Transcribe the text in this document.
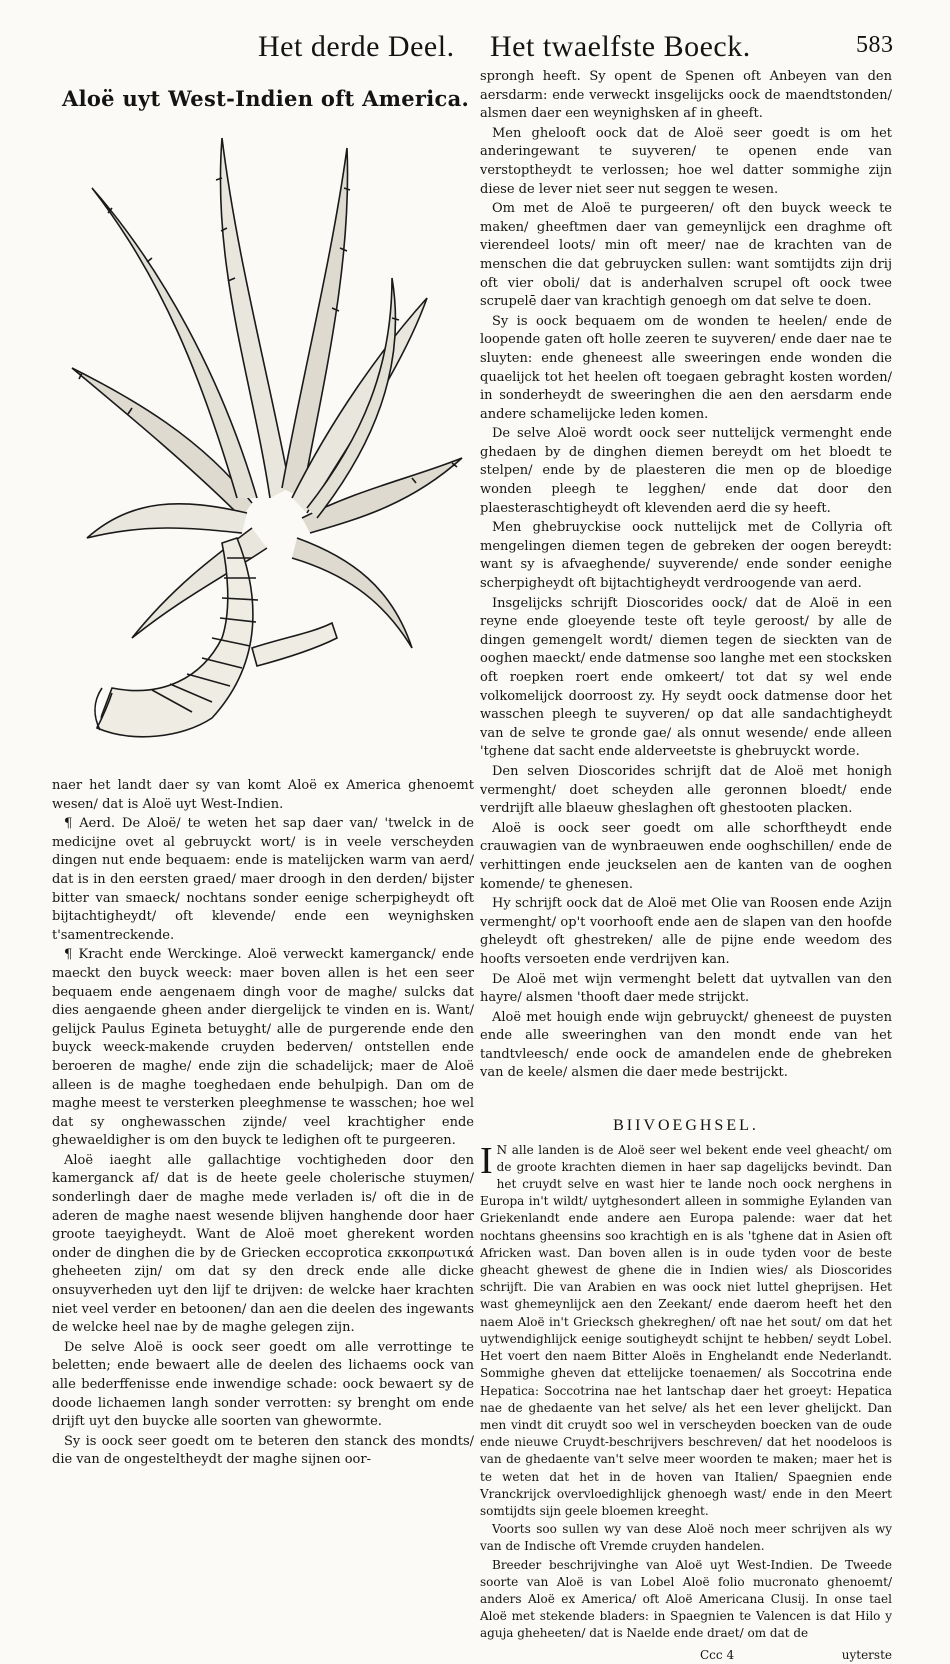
Het derde Deel. Het twaelfste Boeck.	583
Aloë uyt West-Indien oft America.

sprongh heeft. Sy opent de Spenen oft Anbeyen van den aersdarm: ende verweckt insgelijcks oock de maendtstonden/ alsmen daer een weynighsken af in gheeft.

Men ghelooft oock dat de Aloë seer goedt is om het anderingewant te suyveren/ te openen ende van verstoptheydt te verlossen; hoe wel datter sommighe zijn diese de lever niet seer nut seggen te wesen.

Om met de Aloë te purgeeren/ oft den buyck weeck te maken/ gheeftmen daer van gemeynlijck een draghme oft vierendeel loots/ min oft meer/ nae de krachten van de menschen die dat gebruycken sullen: want somtijdts zijn drij oft vier oboli/ dat is anderhalven scrupel oft oock twee scrupelē daer van krachtigh genoegh om dat selve te doen.

Sy is oock bequaem om de wonden te heelen/ ende de loopende gaten oft holle zeeren te suyveren/ ende daer nae te sluyten: ende gheneest alle sweeringen ende wonden die quaelijck tot het heelen oft toegaen gebraght kosten worden/ in sonderheydt de sweeringhen die aen den aersdarm ende andere schamelijcke leden komen.

De selve Aloë wordt oock seer nuttelijck vermenght ende ghedaen by de dinghen diemen bereydt om het bloedt te stelpen/ ende by de plaesteren die men op de bloedige wonden pleegh te legghen/ ende dat door den plaesteraschtigheydt oft klevenden aerd die sy heeft.

Men ghebruyckise oock nuttelijck met de Collyria oft mengelingen diemen tegen de gebreken der oogen bereydt: want sy is afvaeghende/ suyverende/ ende sonder eenighe scherpigheydt oft bijtachtigheydt verdroogende van aerd.

Insgelijcks schrijft Dioscorides oock/ dat de Aloë in een reyne ende gloeyende teste oft teyle geroost/ by alle de dingen gemengelt wordt/ diemen tegen de sieckten van de ooghen maeckt/ ende datmense soo langhe met een stocksken oft roepken roert ende omkeert/ tot dat sy wel ende volkomelijck doorroost zy. Hy seydt oock datmense door het wasschen pleegh te suyveren/ op dat alle sandachtigheydt van de selve te gronde gae/ als onnut wesende/ ende alleen 'tghene dat sacht ende alderveetste is ghebruyckt worde.

Den selven Dioscorides schrijft dat de Aloë met honigh vermenght/ doet scheyden alle geronnen bloedt/ ende verdrijft alle blaeuw gheslaghen oft ghestooten placken.

Aloë is oock seer goedt om alle schorftheydt ende crauwagien van de wynbraeuwen ende ooghschillen/ ende de verhittingen ende jeuckselen aen de kanten van de ooghen komende/ te ghenesen.

Hy schrijft oock dat de Aloë met Olie van Roosen ende Azijn vermenght/ op't voorhooft ende aen de slapen van den hoofde gheleydt oft ghestreken/ alle de pijne ende weedom des hoofts versoeten ende verdrijven kan.

De Aloë met wijn vermenght belett dat uytvallen van den hayre/ alsmen 'thooft daer mede strijckt.

Aloë met houigh ende wijn gebruyckt/ gheneest de puysten ende alle sweeringhen van den mondt ende van het tandtvleesch/ ende oock de amandelen ende de ghebreken van de keele/ alsmen die daer mede bestrijckt.

BIIVOEGHSEL.
I N alle landen is de Aloë seer wel bekent ende veel gheacht/ om de groote krachten diemen in haer sap dagelijcks bevindt. Dan het cruydt selve en wast hier te lande noch oock nerghens in Europa in't wildt/ uytghesondert alleen in sommighe Eylanden van Griekenlandt ende andere aen Europa palende: waer dat het nochtans gheensins soo krachtigh en is als 'tghene dat in Asien oft Africken wast. Dan boven allen is in oude tyden voor de beste gheacht ghewest de ghene die in Indien wies/ als Dioscorides schrijft. Die van Arabien en was oock niet luttel gheprijsen. Het wast ghemeynlijck aen den Zeekant/ ende daerom heeft het den naem Aloë in't Griecksch ghekreghen/ oft nae het sout/ om dat het uytwendighlijck eenige soutigheydt schijnt te hebben/ seydt Lobel. Het voert den naem Bitter Aloës in Enghelandt ende Nederlandt. Sommighe gheven dat ettelijcke toenaemen/ als Soccotrina ende Hepatica: Soccotrina nae het lantschap daer het groeyt: Hepatica nae de ghedaente van het selve/ als het een lever ghelijckt. Dan men vindt dit cruydt soo wel in verscheyden boecken van de oude ende nieuwe Cruydt-beschrijvers beschreven/ dat het noodeloos is van de ghedaente van't selve meer woorden te maken; maer het is te weten dat het in de hoven van Italien/ Spaegnien ende Vranckrijck overvloedighlijck ghenoegh wast/ ende in den Meert somtijdts sijn geele bloemen kreeght.

Voorts soo sullen wy van dese Aloë noch meer schrijven als wy van de Indische oft Vremde cruyden handelen.

Breeder beschrijvinghe van Aloë uyt West-Indien. De Tweede soorte van Aloë is van Lobel Aloë folio mucronato ghenoemt/ anders Aloë ex America/ oft Aloë Americana Clusij. In onse tael Aloë met stekende bladers: in Spaegnien te Valencen is dat Hilo y aguja gheheeten/ dat is Naelde ende draet/ om dat de

Ccc 4	uyterste

naer het landt daer sy van komt Aloë ex America ghenoemt wesen/ dat is Aloë uyt West-Indien.

¶ Aerd. De Aloë/ te weten het sap daer van/ 'twelck in de medicijne ovet al gebruyckt wort/ is in veele verscheyden dingen nut ende bequaem: ende is matelijcken warm van aerd/ dat is in den eersten graed/ maer droogh in den derden/ bijster bitter van smaeck/ nochtans sonder eenige scherpigheydt oft bijtachtigheydt/ oft klevende/ ende een weynighsken t'samentreckende.

¶ Kracht ende Werckinge. Aloë verweckt kamerganck/ ende maeckt den buyck weeck: maer boven allen is het een seer bequaem ende aengenaem dingh voor de maghe/ sulcks dat dies aengaende gheen ander diergelijck te vinden en is. Want/ gelijck Paulus Egineta betuyght/ alle de purgerende ende den buyck weeck-makende cruyden bederven/ ontstellen ende beroeren de maghe/ ende zijn die schadelijck; maer de Aloë alleen is de maghe toeghedaen ende behulpigh. Dan om de maghe meest te versterken pleeghmense te wasschen; hoe wel dat sy onghewasschen zijnde/ veel krachtigher ende ghewaeldigher is om den buyck te ledighen oft te purgeeren.

Aloë iaeght alle gallachtige vochtigheden door den kamerganck af/ dat is de heete geele cholerische stuymen/ sonderlingh daer de maghe mede verladen is/ oft die in de aderen de maghe naest wesende blijven hanghende door haer groote taeyigheydt. Want de Aloë moet gherekent worden onder de dinghen die by de Griecken eccoprotica εκκοπρωτικά gheheeten zijn/ om dat sy den dreck ende alle dicke onsuyverheden uyt den lijf te drijven: de welcke haer krachten niet veel verder en betoonen/ dan aen die deelen des ingewants de welcke heel nae by de maghe gelegen zijn.

De selve Aloë is oock seer goedt om alle verrottinge te beletten; ende bewaert alle de deelen des lichaems oock van alle bederffenisse ende inwendige schade: oock bewaert sy de doode lichaemen langh sonder verrotten: sy brenght om ende drijft uyt den buycke alle soorten van ghewormte.

Sy is oock seer goedt om te beteren den stanck des mondts/ die van de ongesteltheydt der maghe sijnen oor-
